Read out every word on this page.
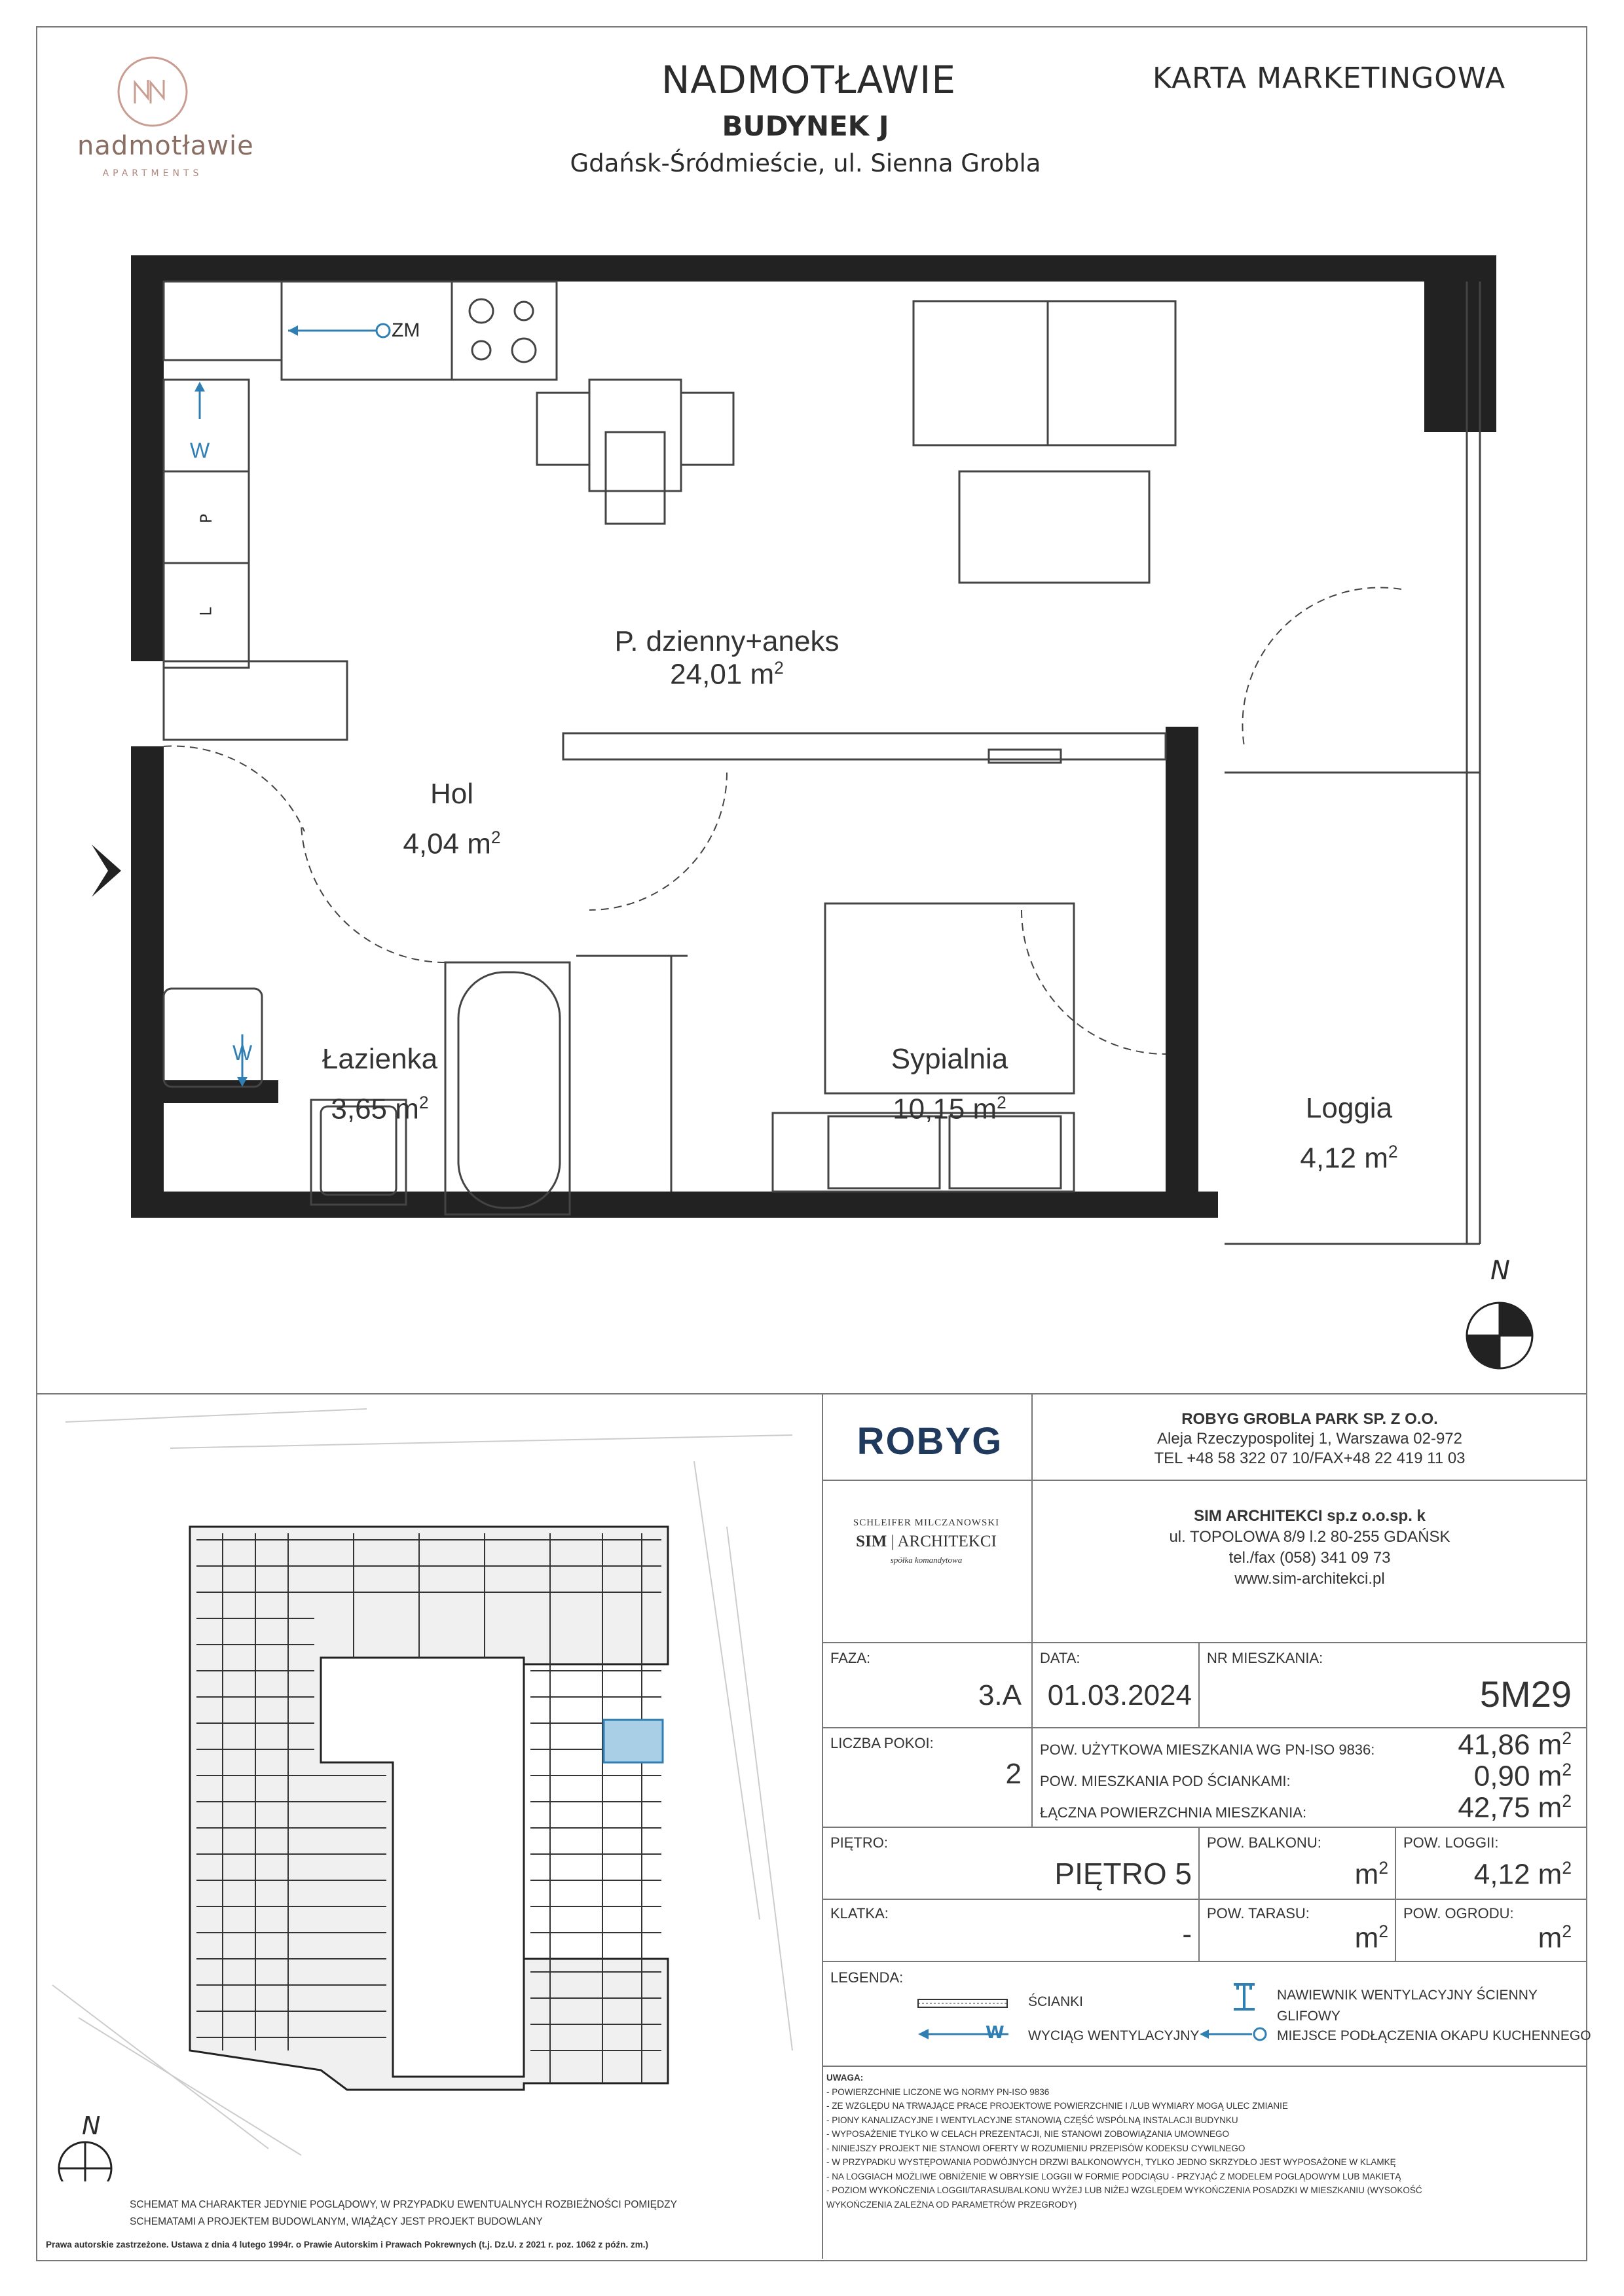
nadmotławie
APARTMENTS
NADMOTŁAWIE
BUDYNEK J
Gdańsk-Śródmieście, ul. Sienna Grobla
KARTA MARKETINGOWA
P. dzienny+aneks
24,01 $m^2$
Hol
4,04 $m^2$
Łazienka
3,65 $m^2$
Sypialnia
10,15 $m^2$	Loggia
4,12 $m^2$
ZM
W
W
P
L
N
N
SCHEMAT MA CHARAKTER JEDYNIE POGLĄDOWY, W PRZYPADKU EWENTUALNYCH ROZBIEŻNOŚCI POMIĘDZY
SCHEMATAMI A PROJEKTEM BUDOWLANYM, WIĄŻĄCY JEST PROJEKT BUDOWLANY
Prawa autorskie zastrzeżone. Ustawa z dnia 4 lutego 1994r. o Prawie Autorskim i Prawach Pokrewnych (t.j. Dz.U. z 2021 r. poz. 1062 z późn. zm.)
ROBYG
ROBYG GROBLA PARK SP. Z O.O.
Aleja Rzeczypospolitej 1, Warszawa 02-972
TEL +48 58 322 07 10/FAX+48 22 419 11 03
SCHLEIFER MILCZANOWSKI
SIM | ARCHITEKCI
spółka komandytowa
SIM ARCHITEKCI sp.z o.o.sp. k
ul. TOPOLOWA 8/9 l.2 80-255 GDAŃSK
tel./fax (058) 341 09 73
www.sim-architekci.pl
FAZA:
3.A
DATA:
01.03.2024
NR MIESZKANIA:
5M29
LICZBA POKOI:
2
POW. UŻYTKOWA MIESZKANIA WG PN-ISO 9836:	41,86 $m^2$
POW. MIESZKANIA POD ŚCIANKAMI:	0,90 $m^2$
ŁĄCZNA POWIERZCHNIA MIESZKANIA:	42,75 $m^2$
PIĘTRO:
PIĘTRO 5
POW. BALKONU:
$m^2$
POW. LOGGII:
4,12 $m^2$
KLATKA:
-
POW. TARASU:
$m^2$
POW. OGRODU:
$m^2$
LEGENDA:
ŚCIANKI
W WYCIĄG WENTYLACYJNY
NAWIEWNIK WENTYLACYJNY ŚCIENNY GLIFOWY
MIEJSCE PODŁĄCZENIA OKAPU KUCHENNEGO
UWAGA:
- POWIERZCHNIE LICZONE WG NORMY PN-ISO 9836
- ZE WZGLĘDU NA TRWAJĄCE PRACE PROJEKTOWE POWIERZCHNIE I /LUB WYMIARY MOGĄ ULEC ZMIANIE
- PIONY KANALIZACYJNE I WENTYLACYJNE STANOWIĄ CZĘŚĆ WSPÓLNĄ INSTALACJI BUDYNKU
- WYPOSAŻENIE TYLKO W CELACH PREZENTACJI, NIE STANOWI ZOBOWIĄZANIA UMOWNEGO
- NINIEJSZY PROJEKT NIE STANOWI OFERTY W ROZUMIENIU PRZEPISÓW KODEKSU CYWILNEGO
- W PRZYPADKU WYSTĘPOWANIA PODWÓJNYCH DRZWI BALKONOWYCH, TYLKO JEDNO SKRZYDŁO JEST WYPOSAŻONE W KLAMKĘ
- NA LOGGIACH MOŻLIWE OBNIŻENIE W OBRYSIE LOGGII W FORMIE PODCIĄGU - PRZYJĄĆ Z MODELEM POGLĄDOWYM LUB MAKIETĄ
- POZIOM WYKOŃCZENIA LOGGII/TARASU/BALKONU WYŻEJ LUB NIŻEJ WZGLĘDEM WYKOŃCZENIA POSADZKI W MIESZKANIU (WYSOKOŚĆ
WYKOŃCZENIA ZALEŻNA OD PARAMETRÓW PRZEGRODY)
